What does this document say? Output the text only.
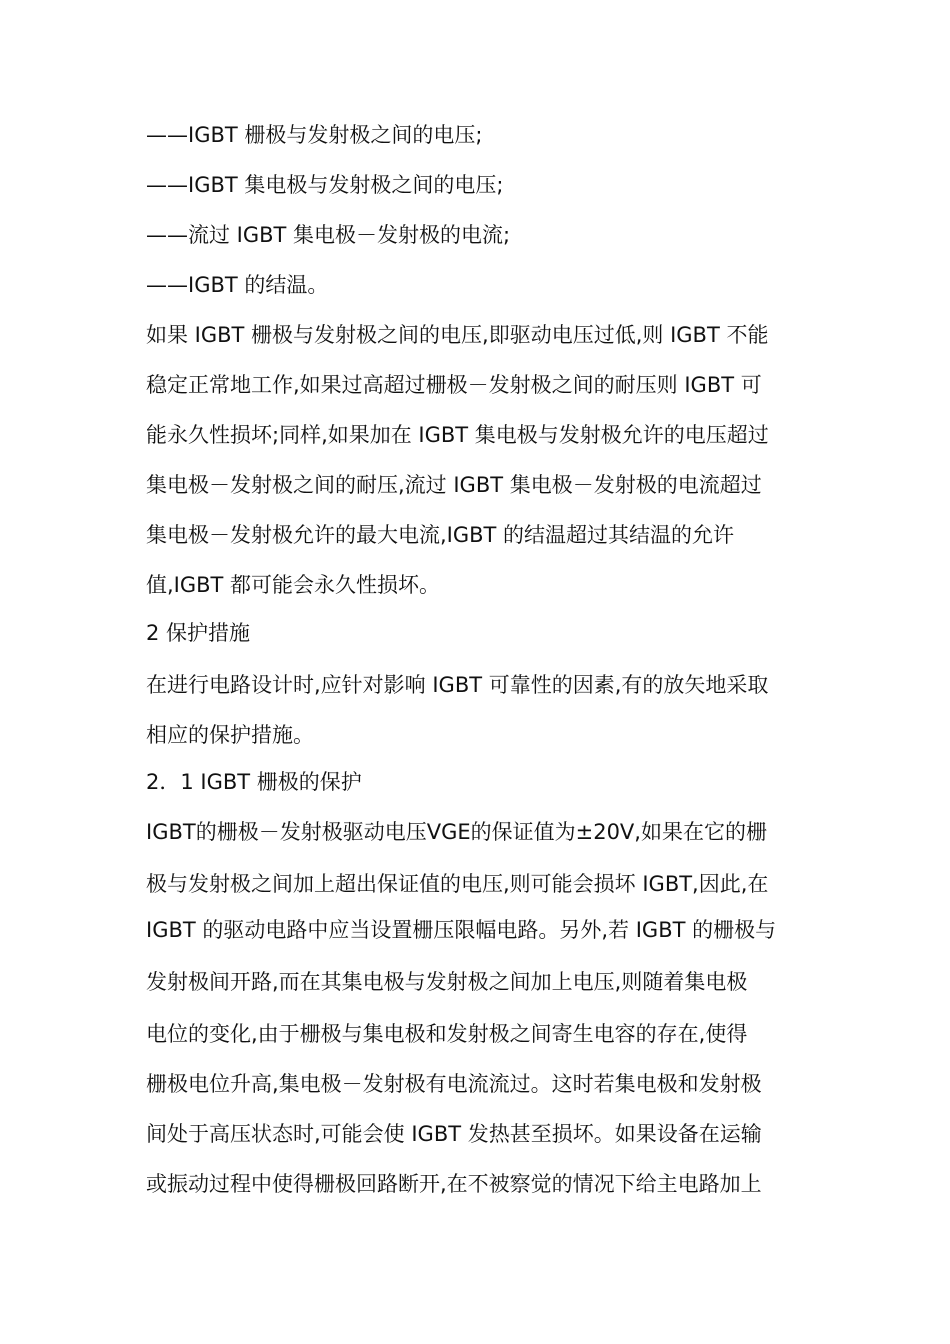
——IGBT 栅极与发射极之间的电压;
——IGBT 集电极与发射极之间的电压;
——流过 IGBT 集电极－发射极的电流;
——IGBT 的结温。
如果 IGBT 栅极与发射极之间的电压,即驱动电压过低,则 IGBT 不能
稳定正常地工作,如果过高超过栅极－发射极之间的耐压则 IGBT 可
能永久性损坏;同样,如果加在 IGBT 集电极与发射极允许的电压超过
集电极－发射极之间的耐压,流过 IGBT 集电极－发射极的电流超过
集电极－发射极允许的最大电流,IGBT 的结温超过其结温的允许
值,IGBT 都可能会永久性损坏。
2 保护措施
在进行电路设计时,应针对影响 IGBT 可靠性的因素,有的放矢地采取
相应的保护措施。
2．1 IGBT 栅极的保护
IGBT的栅极－发射极驱动电压VGE的保证值为±20V,如果在它的栅
极与发射极之间加上超出保证值的电压,则可能会损坏 IGBT,因此,在
IGBT 的驱动电路中应当设置栅压限幅电路。另外,若 IGBT 的栅极与
发射极间开路,而在其集电极与发射极之间加上电压,则随着集电极
电位的变化,由于栅极与集电极和发射极之间寄生电容的存在,使得
栅极电位升高,集电极－发射极有电流流过。这时若集电极和发射极
间处于高压状态时,可能会使 IGBT 发热甚至损坏。如果设备在运输
或振动过程中使得栅极回路断开,在不被察觉的情况下给主电路加上
